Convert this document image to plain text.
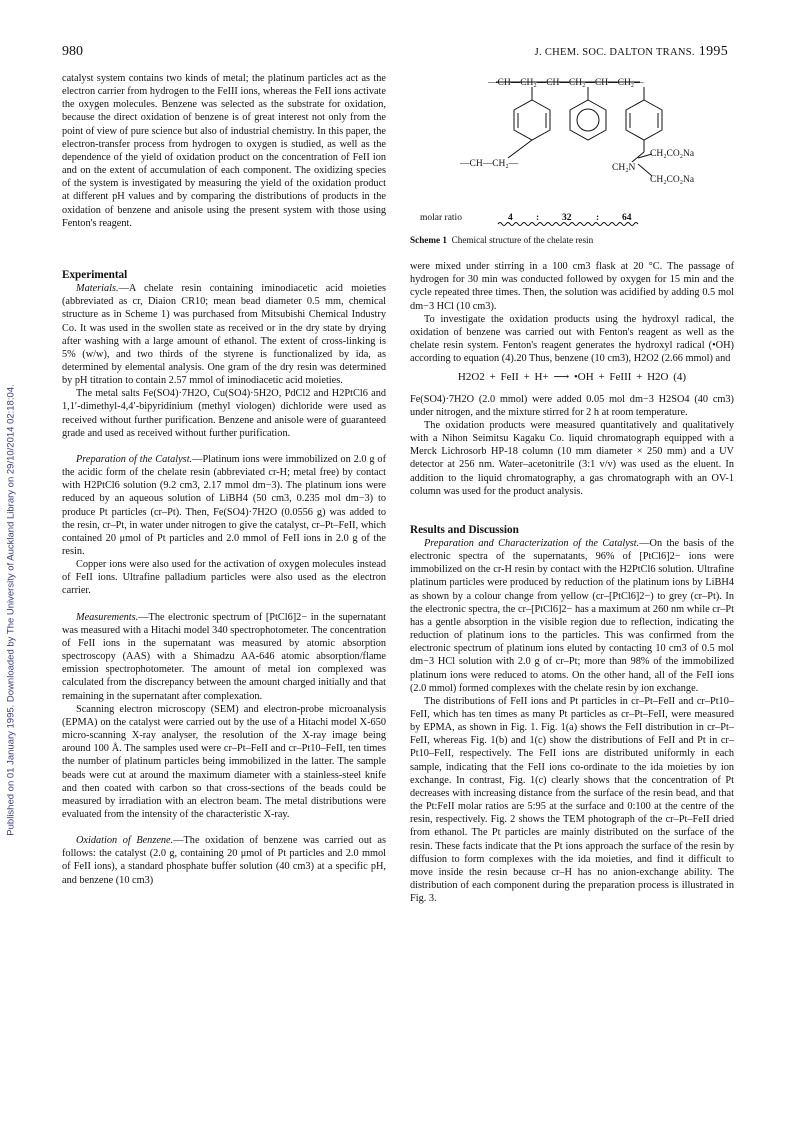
980	J. CHEM. SOC. DALTON TRANS. 1995
Published on 01 January 1995. Downloaded by The University of Auckland Library on 29/10/2014 02:18:04.

catalyst system contains two kinds of metal; the platinum particles act as the electron carrier from hydrogen to the FeIII ions, whereas the FeII ions activate the oxygen molecules. Benzene was selected as the substrate for oxidation, because the direct oxidation of benzene is of great interest not only from the point of view of pure science but also of industrial chemistry. In this paper, the electron-transfer process from hydrogen to oxygen is studied, as well as the dependence of the yield of oxidation product on the concentration of FeII ion and on the extent of accumulation of each component. The oxidizing species of the system is investigated by measuring the yield of the oxidation product at different pH values and by comparing the distributions of products in the oxidation of benzene and anisole using the present system with those using Fenton's reagent.

Experimental

Materials.—A chelate resin containing iminodiacetic acid moieties (abbreviated as cr, Diaion CR10; mean bead diameter 0.5 mm, chemical structure as in Scheme 1) was purchased from Mitsubishi Chemical Industry Co. It was used in the swollen state as received or in the dry state by drying after washing with a large amount of ethanol. The extent of cross-linking is 5% (w/w), and two thirds of the styrene is functionalized by ida, as determined by elemental analysis. One gram of the dry resin was determined by pH titration to contain 2.57 mmol of iminodiacetic acid moieties.

The metal salts Fe(SO4)·7H2O, Cu(SO4)·5H2O, PdCl2 and H2PtCl6 and 1,1′-dimethyl-4,4′-bipyridinium (methyl viologen) dichloride were used as received without further purification. Benzene and anisole were of guaranteed grade and used as received without further purification.

Preparation of the Catalyst.—Platinum ions were immobilized on 2.0 g of the acidic form of the chelate resin (abbreviated cr-H; metal free) by contact with H2PtCl6 solution (9.2 cm3, 2.17 mmol dm−3). The platinum ions were reduced by an aqueous solution of LiBH4 (50 cm3, 0.235 mol dm−3) to produce Pt particles (cr–Pt). Then, Fe(SO4)·7H2O (0.0556 g) was added to the resin, cr–Pt, in water under nitrogen to give the catalyst, cr–Pt–FeII, which contained 20 μmol of Pt particles and 2.0 mmol of FeII ions in 2.0 g of the resin.

Copper ions were also used for the activation of oxygen molecules instead of FeII ions. Ultrafine palladium particles were also used as the electron carrier.

Measurements.—The electronic spectrum of [PtCl6]2− in the supernatant was measured with a Hitachi model 340 spectrophotometer. The concentration of FeII ions in the supernatant was measured by atomic absorption spectroscopy (AAS) with a Shimadzu AA-646 atomic absorption/flame emission spectrophotometer. The amount of metal ion complexed was calculated from the discrepancy between the amount charged initially and that remaining in the supernatant after complexation.

Scanning electron microscopy (SEM) and electron-probe microanalysis (EPMA) on the catalyst were carried out by the use of a Hitachi model X-650 micro-scanning X-ray analyser, the resolution of the X-ray image being around 100 Å. The samples used were cr–Pt–FeII and cr–Pt10–FeII, ten times the number of platinum particles being immobilized in the latter. The sample beads were cut at around the maximum diameter with a stainless-steel knife and then coated with carbon so that cross-sections of the beads could be measured by irradiation with an electron beam. The metal distributions were evaluated from the intensity of the characteristic X-ray.

Oxidation of Benzene.—The oxidation of benzene was carried out as follows: the catalyst (2.0 g, containing 20 μmol of Pt particles and 2.0 mmol of FeII ions), a standard phosphate buffer solution (40 cm3) at a specific pH, and benzene (10 cm3)

—CH—CH₂—CH—CH₂—CH—CH₂—
—CH—CH₂—	CH₂N
CH₂CO₂Na
CH₂CO₂Na
molar ratio	4 : 32	: 64

Scheme 1 Chemical structure of the chelate resin

were mixed under stirring in a 100 cm3 flask at 20 °C. The passage of hydrogen for 30 min was conducted followed by oxygen for 15 min and the cycle repeated three times. Then, the solution was acidified by adding 0.5 mol dm−3 HCl (10 cm3).

To investigate the oxidation products using the hydroxyl radical, the oxidation of benzene was carried out with Fenton's reagent as well as the chelate resin system. Fenton's reagent generates the hydroxyl radical (•OH) according to equation (4).20 Thus, benzene (10 cm3), H2O2 (2.66 mmol) and

H2O2 + FeII + H+ ⟶ •OH + FeIII + H2O (4)

Fe(SO4)·7H2O (2.0 mmol) were added 0.05 mol dm−3 H2SO4 (40 cm3) under nitrogen, and the mixture stirred for 2 h at room temperature.

The oxidation products were measured quantitatively and qualitatively with a Nihon Seimitsu Kagaku Co. liquid chromatograph equipped with a Merck Lichrosorb HP-18 column (10 mm diameter × 250 mm) and a UV detector at 256 nm. Water–acetonitrile (3:1 v/v) was used as the eluent. In addition to the liquid chromatography, a gas chromatograph with an OV-1 column was used for the product analysis.

Results and Discussion

Preparation and Characterization of the Catalyst.—On the basis of the electronic spectra of the supernatants, 96% of [PtCl6]2− ions were immobilized on the cr-H resin by contact with the H2PtCl6 solution. Ultrafine platinum particles were produced by reduction of the platinum ions by LiBH4 as shown by a colour change from yellow (cr–[PtCl6]2−) to grey (cr–Pt). In the electronic spectra, the cr–[PtCl6]2− has a maximum at 260 nm while cr–Pt has a gentle absorption in the visible region due to reflection, indicating the reduction of platinum ions to the particles. This was confirmed from the electronic spectrum of platinum ions eluted by contacting 10 cm3 of 0.5 mol dm−3 HCl solution with 2.0 g of cr–Pt; more than 98% of the immobilized platinum ions were reduced to atoms. On the other hand, all of the FeII ions (2.0 mmol) formed complexes with the chelate resin by ion exchange.

The distributions of FeII ions and Pt particles in cr–Pt–FeII and cr–Pt10–FeII, which has ten times as many Pt particles as cr–Pt–FeII, were measured by EPMA, as shown in Fig. 1. Fig. 1(a) shows the FeII distribution in cr–Pt–FeII, whereas Fig. 1(b) and 1(c) show the distributions of FeII and Pt in cr–Pt10–FeII, respectively. The FeII ions are distributed uniformly in each sample, indicating that the FeII ions co-ordinate to the ida moieties by ion exchange. In contrast, Fig. 1(c) clearly shows that the concentration of Pt decreases with increasing distance from the surface of the resin bead, and that the Pt:FeII molar ratios are 5:95 at the surface and 0:100 at the centre of the resin, respectively. Fig. 2 shows the TEM photograph of the cr–Pt–FeII dried from ethanol. The Pt particles are mainly distributed on the surface of the resin. These facts indicate that the Pt ions approach the surface of the resin by diffusion to form complexes with the ida moieties, and find it difficult to move inside the resin because cr–H has no anion-exchange ability. The distribution of each component during the preparation process is illustrated in Fig. 3.
